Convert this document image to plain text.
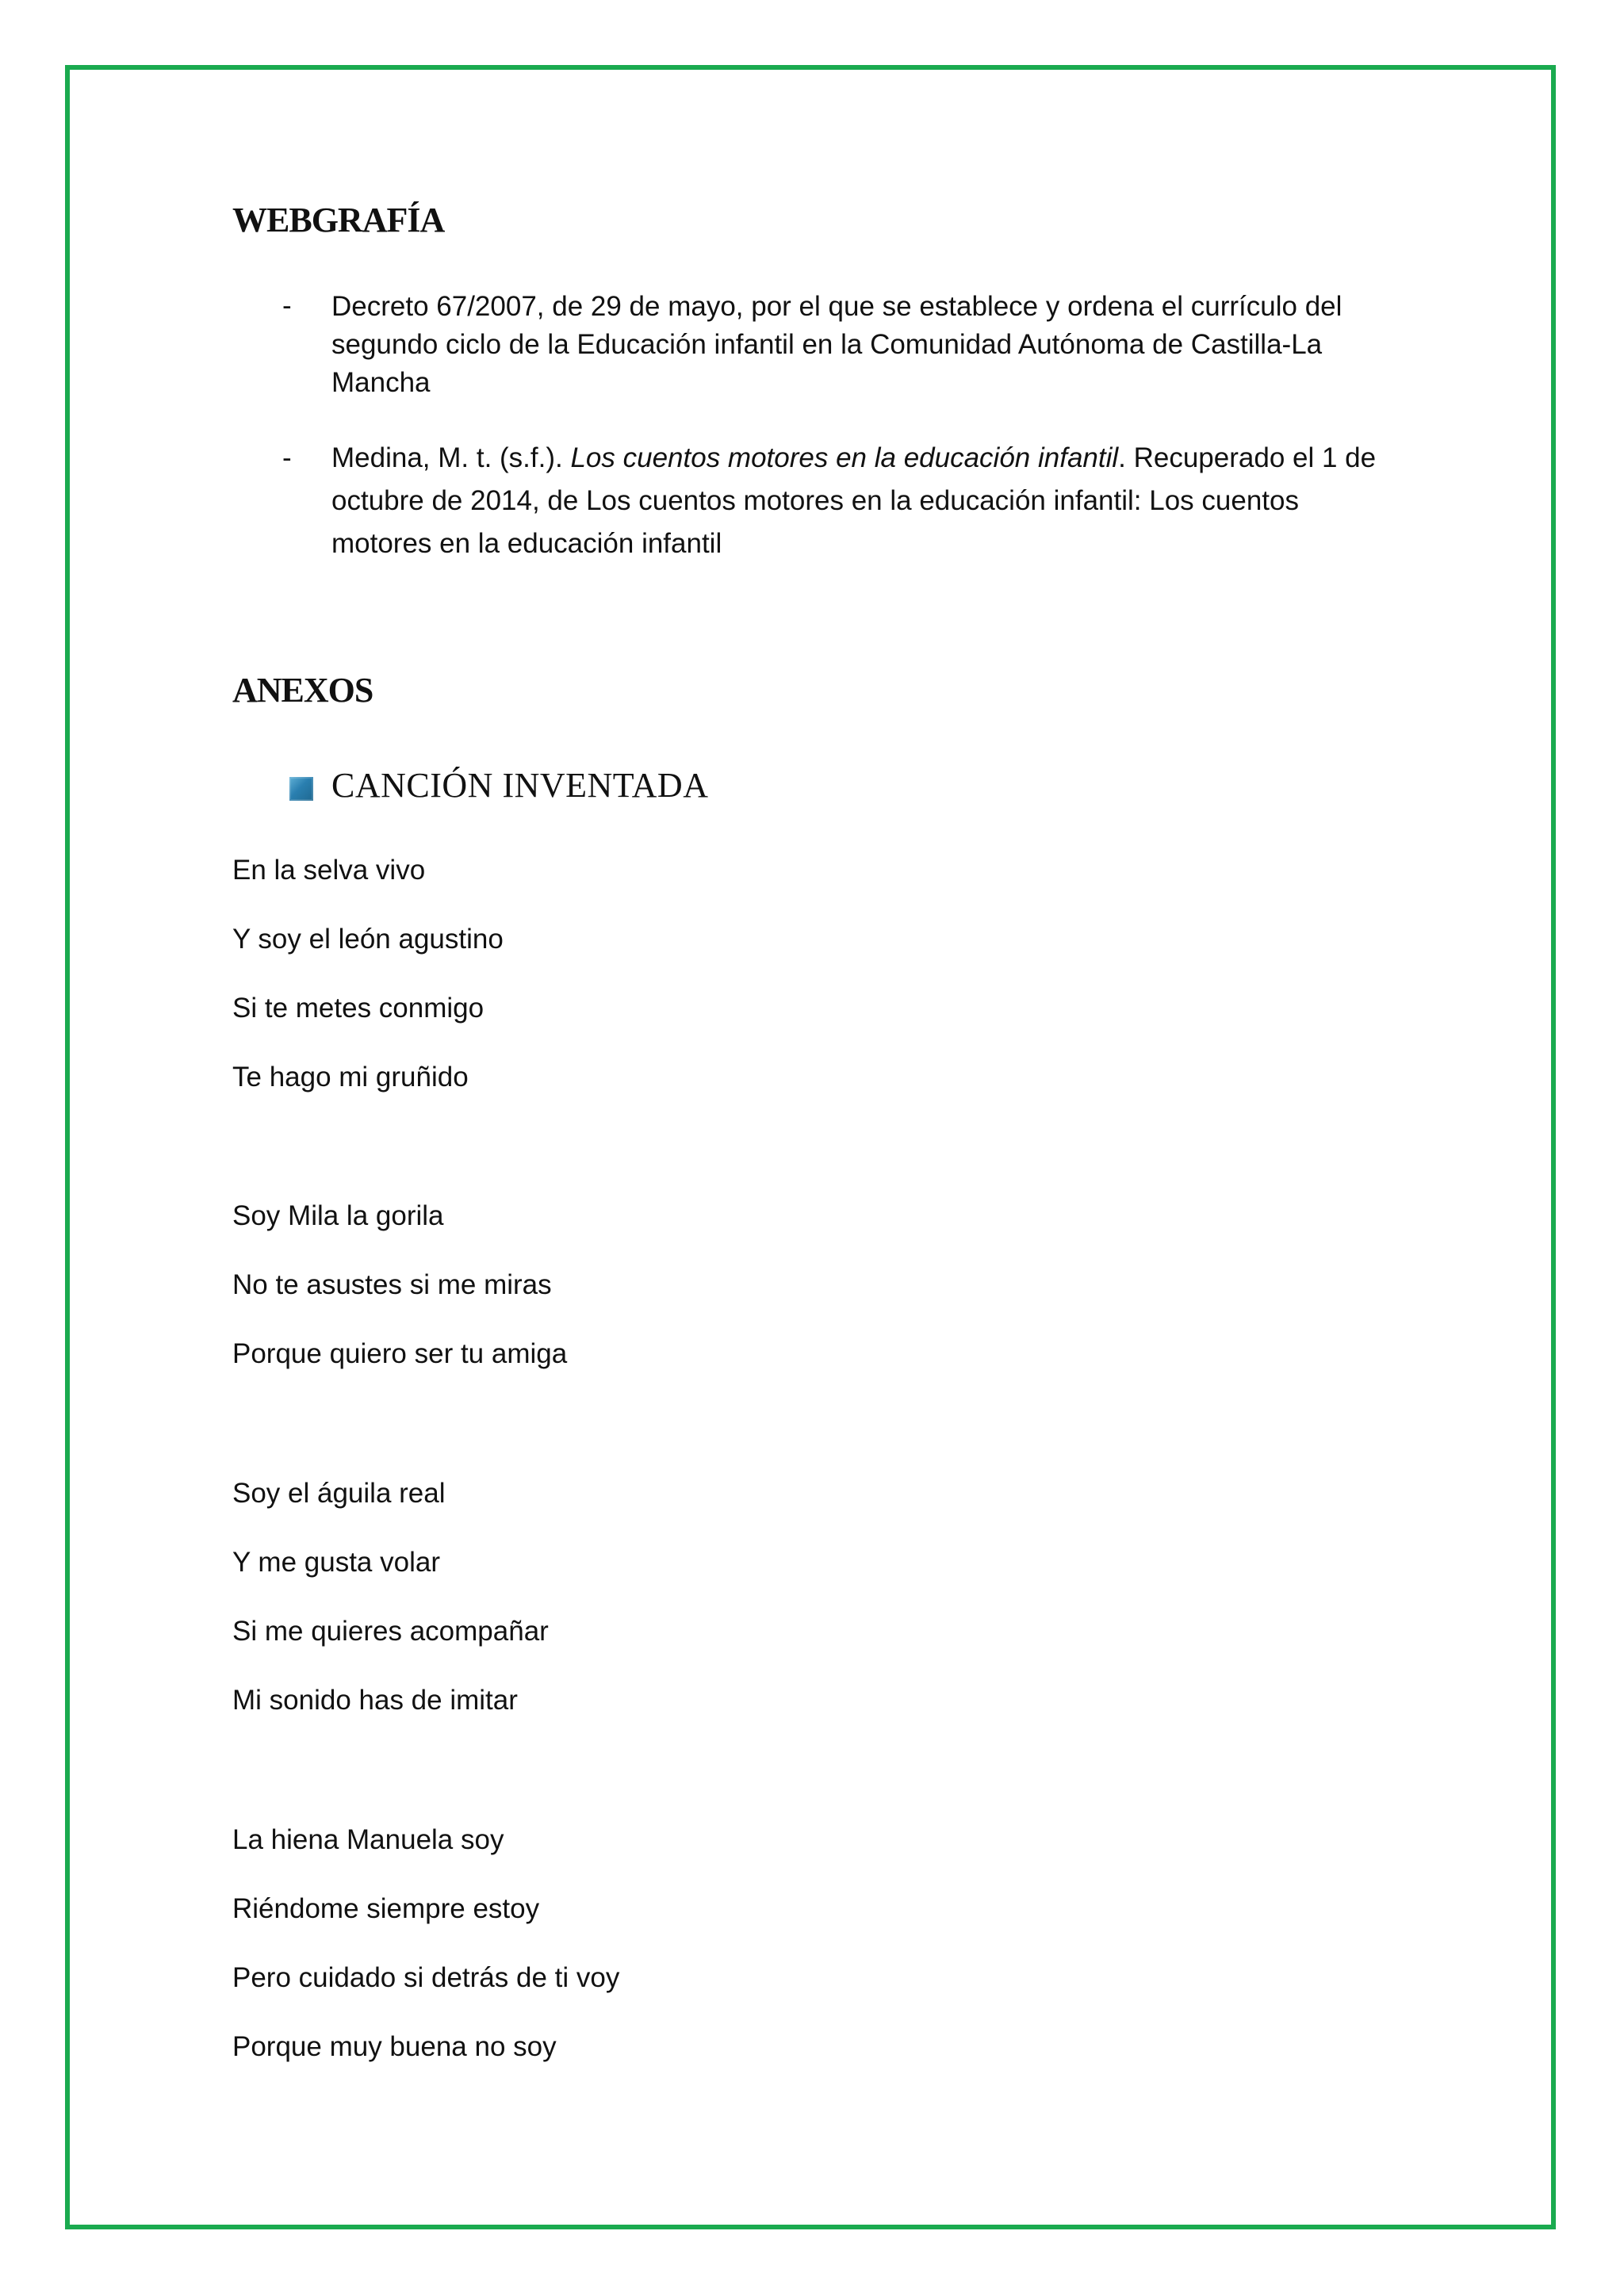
WEBGRAFÍA
- Decreto 67/2007, de 29 de mayo, por el que se establece y ordena el currículo del segundo ciclo de la Educación infantil en la Comunidad Autónoma de Castilla-La Mancha
- Medina, M. t. (s.f.). Los cuentos motores en la educación infantil. Recuperado el 1 de octubre de 2014, de Los cuentos motores en la educación infantil: Los cuentos motores en la educación infantil
ANEXOS
CANCIÓN INVENTADA
En la selva vivo
Y soy el león agustino
Si te metes conmigo
Te hago mi gruñido
Soy Mila la gorila
No te asustes si me miras
Porque quiero ser tu amiga
Soy el águila real
Y me gusta volar
Si me quieres acompañar
Mi sonido has de imitar
La hiena Manuela soy
Riéndome siempre estoy
Pero cuidado si detrás de ti voy
Porque muy buena no soy
